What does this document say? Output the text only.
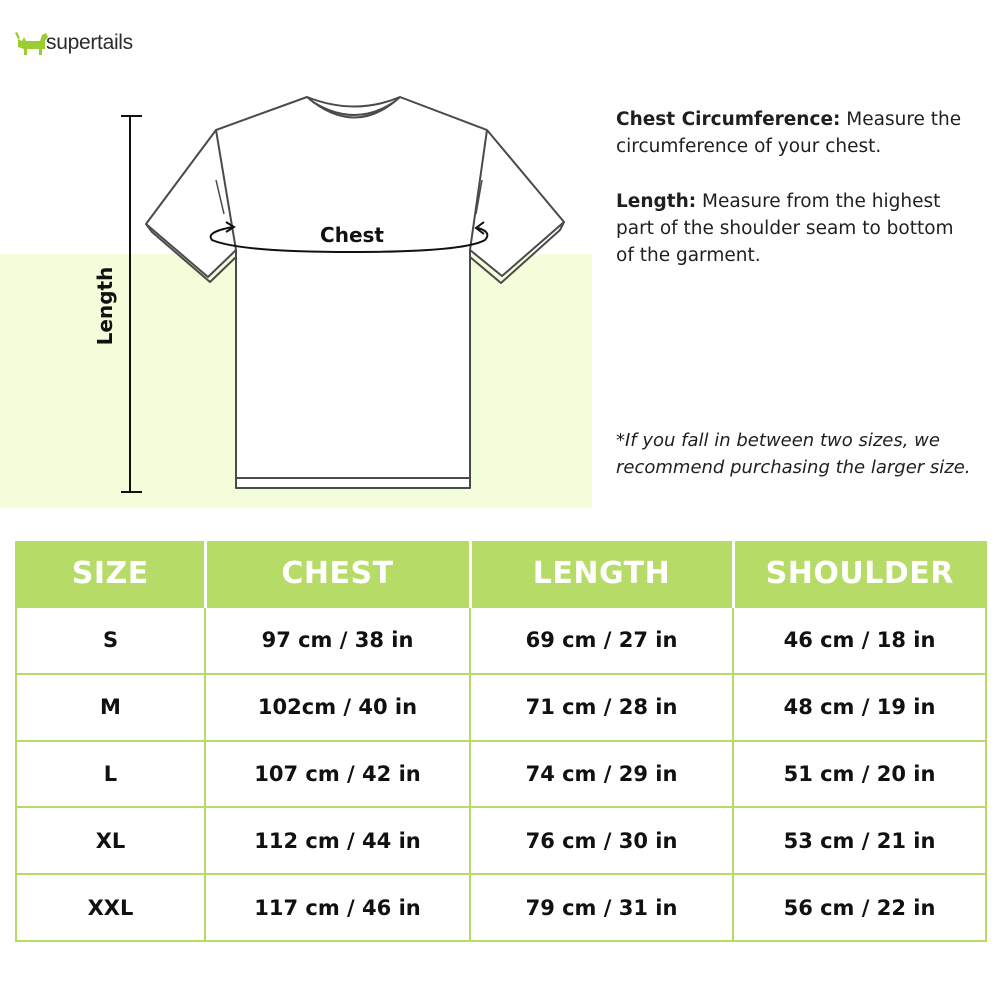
supertails
Length
Chest

Chest Circumference: Measure the circumference of your chest.

Length: Measure from the highest part of the shoulder seam to bottom of the garment.

*If you fall in between two sizes, we recommend purchasing the larger size.

SIZE	CHEST	LENGTH	SHOULDER
S	97 cm / 38 in	69 cm / 27 in	46 cm / 18 in
M	102cm / 40 in	71 cm / 28 in	48 cm / 19 in
L	107 cm / 42 in	74 cm / 29 in	51 cm / 20 in
XL	112 cm / 44 in	76 cm / 30 in	53 cm / 21 in
XXL	117 cm / 46 in	79 cm / 31 in	56 cm / 22 in
